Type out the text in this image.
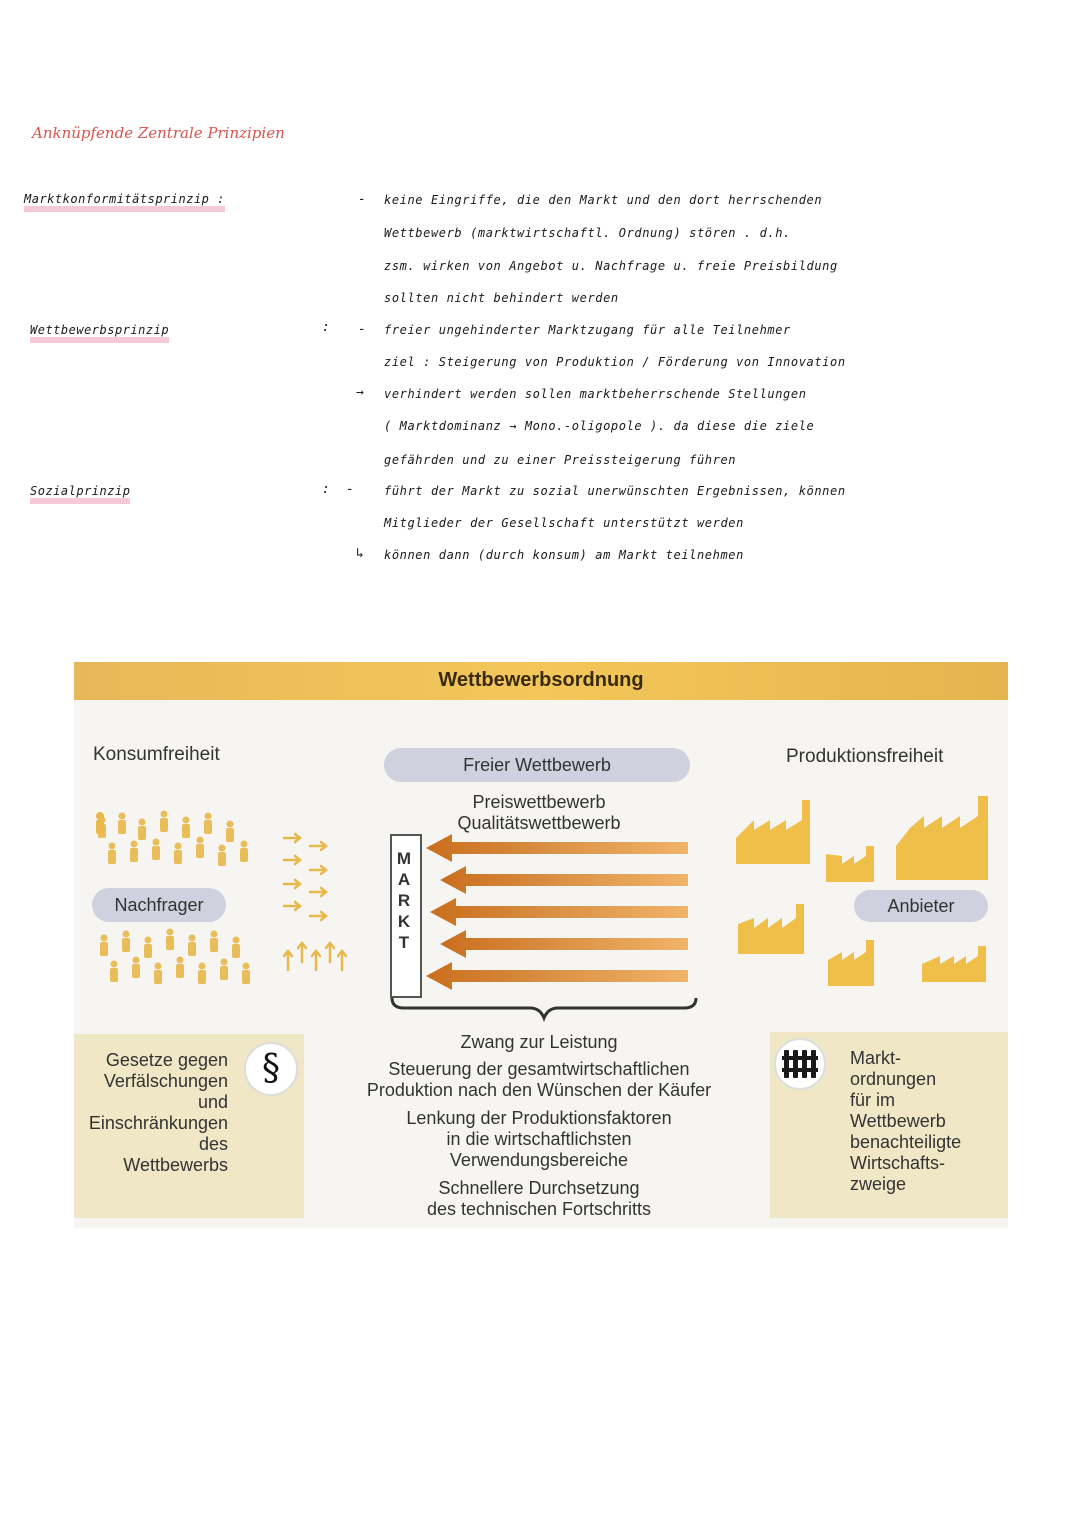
Anknüpfende Zentrale Prinzipien
Marktkonformitätsprinzip :
Wettbewerbsprinzip
Sozialprinzip
:
:
-
-
-
→
↳
keine Eingriffe, die den Markt und den dort herrschenden
Wettbewerb (marktwirtschaftl. Ordnung) stören . d.h.
zsm. wirken von Angebot u. Nachfrage u. freie Preisbildung
sollten nicht behindert werden
freier ungehinderter Marktzugang für alle Teilnehmer
ziel : Steigerung von Produktion / Förderung von Innovation
verhindert werden sollen marktbeherrschende Stellungen
( Marktdominanz → Mono.-oligopole ). da diese die ziele
gefährden und zu einer Preissteigerung führen
führt der Markt zu sozial unerwünschten Ergebnissen, können
Mitglieder der Gesellschaft unterstützt werden
können dann (durch konsum) am Markt teilnehmen
Wettbewerbsordnung
Konsumfreiheit	Produktionsfreiheit
Nachfrager
Freier Wettbewerb
Preiswettbewerb
Qualitätswettbewerb
M
A
R
K
T
Anbieter
Gesetze gegen
Verfälschungen
und
Einschränkungen
des
Wettbewerbs
§
Zwang zur Leistung
Steuerung der gesamtwirtschaftlichen
Produktion nach den Wünschen der Käufer
Lenkung der Produktionsfaktoren
in die wirtschaftlichsten
Verwendungsbereiche
Schnellere Durchsetzung
des technischen Fortschritts
Markt-
ordnungen
für im
Wettbewerb
benachteiligte
Wirtschafts-
zweige
